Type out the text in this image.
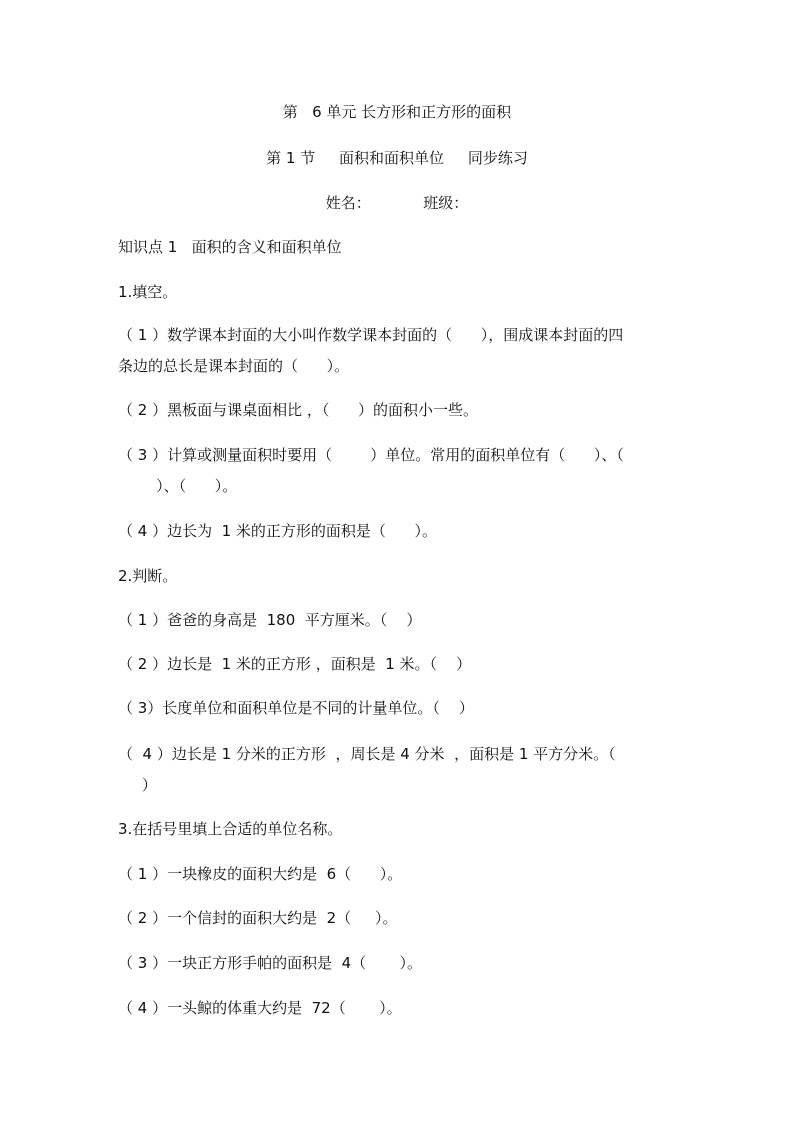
第   6 单元 长方形和正方形的面积
第 1 节     面积和面积单位     同步练习
姓名：           班级：
知识点 1   面积的含义和面积单位
1.填空。
（ 1 ）数学课本封面的大小叫作数学课本封面的（      ），围成课本封面的四
条边的总长是课本封面的（      ）。
（ 2 ）黑板面与课桌面相比 ，（      ）的面积小一些。
（ 3 ）计算或测量面积时要用（        ）单位。常用的面积单位有（      ）、（
）、（      ）。
（ 4 ）边长为  1 米的正方形的面积是（      ）。
2.判断。
（ 1 ）爸爸的身高是  180  平方厘米。（    ）
（ 2 ）边长是  1 米的正方形 ，面积是  1 米。（    ）
（ 3）长度单位和面积单位是不同的计量单位。（    ）
（  4 ）边长是 1 分米的正方形  ，周长是 4 分米  ，面积是 1 平方分米。（
）
3.在括号里填上合适的单位名称。
（ 1 ）一块橡皮的面积大约是  6（      ）。
（ 2 ）一个信封的面积大约是  2（     ）。
（ 3 ）一块正方形手帕的面积是  4（       ）。
（ 4 ）一头鲸的体重大约是  72（       ）。
